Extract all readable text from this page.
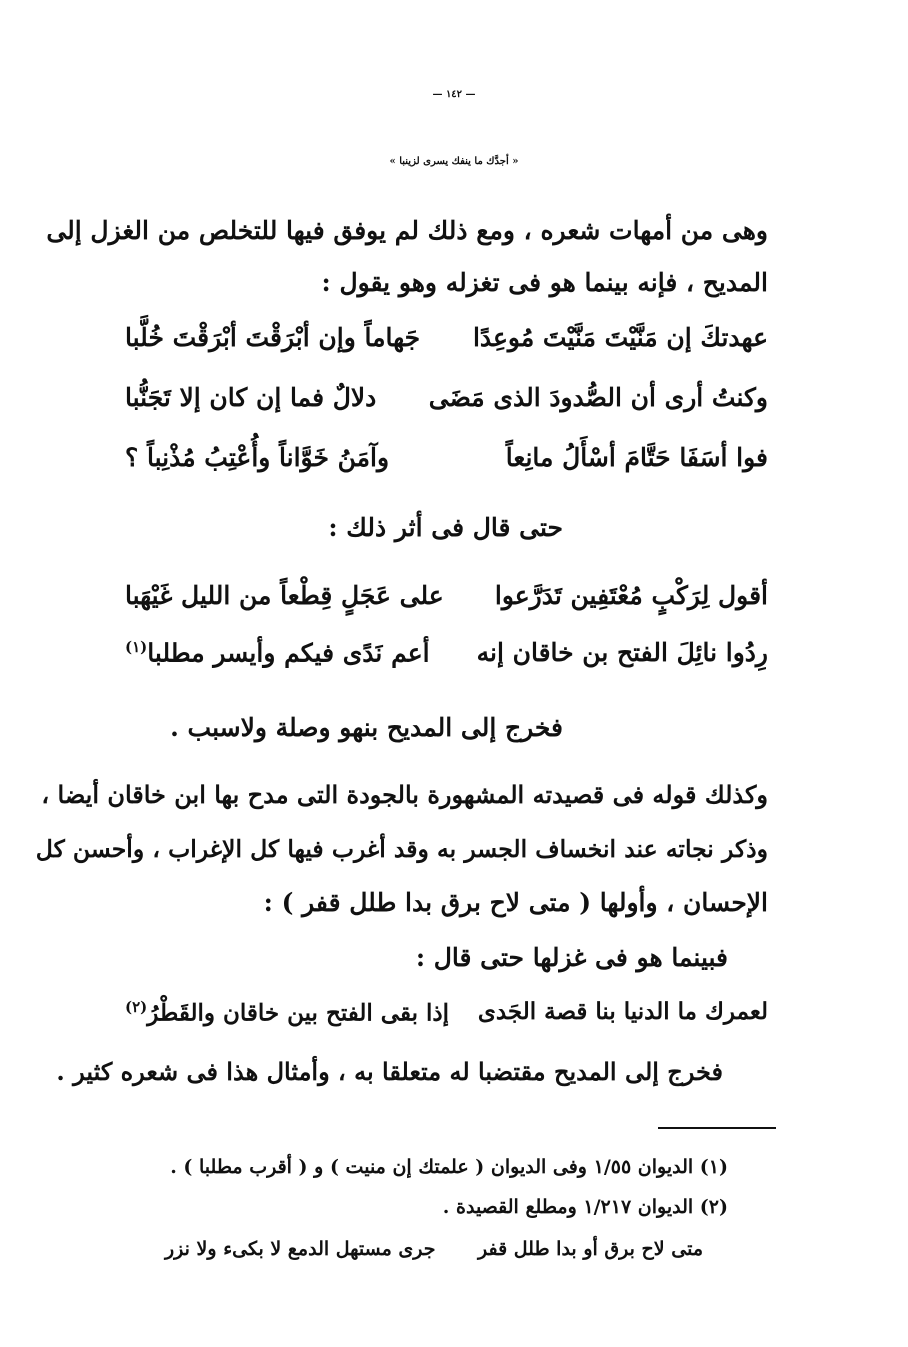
— ١٤٢ —
« أجدَّك ما ينفك يسرى لزينبا »
وهى من أمهات شعره ، ومع ذلك لم يوفق فيها للتخلص من الغزل إلى
المديح ، فإنه بينما هو فى تغزله وهو يقول :
عهدتكَ إن مَنَّيْتَ مَنَّيْتَ مُوعِدًا
جَهاماً وإن أبْرَقْتَ أبْرَقْتَ خُلَّبا
وكنتُ أرى أن الصُّدودَ الذى مَضَى
دلالٌ فما إن كان إلا تَجَنُّبا
فوا أسَفَا حَتَّامَ أسْأَلُ مانِعاً
وآمَنُ خَوَّاناً وأُعْتِبُ مُذْنِباً ؟
حتى قال فى أثر ذلك :
أقول لِرَكْبٍ مُعْتَفِين تَدَرَّعوا
على عَجَلٍ قِطْعاً من الليل غَيْهَبا
رِدُوا نائِلَ الفتح بن خاقان إنه
أعم نَدًى فيكم وأيسر مطلبا$^{(١)}$
فخرج إلى المديح بنهو وصلة ولاسبب .
وكذلك قوله فى قصيدته المشهورة بالجودة التى مدح بها ابن خاقان أيضا ،
وذكر نجاته عند انخساف الجسر به وقد أغرب فيها كل الإغراب ، وأحسن كل
الإحسان ، وأولها ( متى لاح برق بدا طلل قفر ) :
فبينما هو فى غزلها حتى قال :
لعمرك ما الدنيا بنا قصة الجَدى
إذا بقى الفتح بين خاقان والقَطْرُ$^{(٢)}$
فخرج إلى المديح مقتضبا له متعلقا به ، وأمثال هذا فى شعره كثير .
(١) الديوان ١/٥٥ وفى الديوان ( علمتك إن منيت ) و ( أقرب مطلبا ) .
(٢) الديوان ١/٢١٧ ومطلع القصيدة .
متى لاح برق أو بدا طلل قفر
جرى مستهل الدمع لا بكىء ولا نزر
